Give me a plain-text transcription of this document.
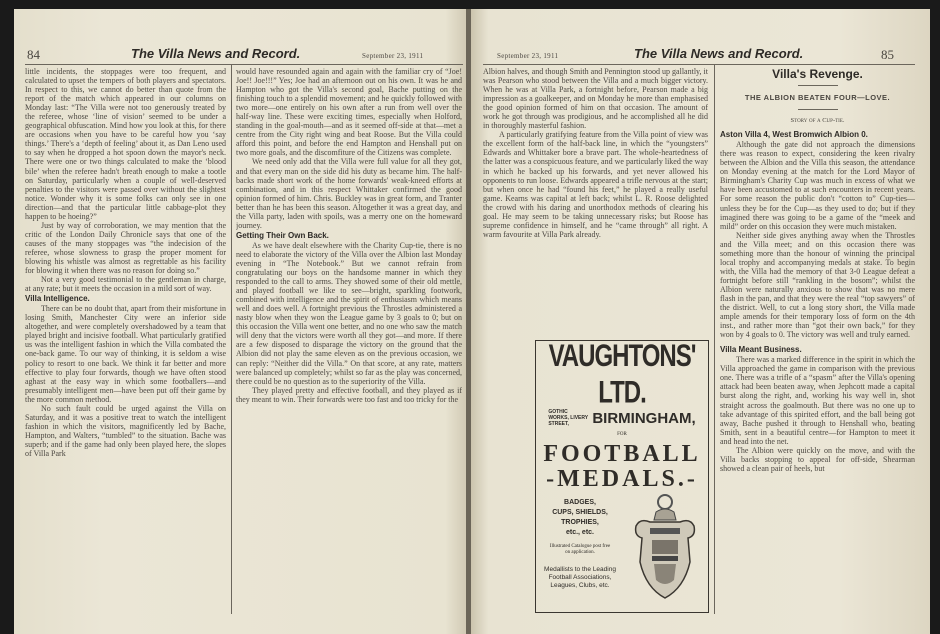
84	The Villa News and Record.	September 23, 1911

little incidents, the stoppages were too frequent, and calculated to upset the tempers of both players and spectators. In respect to this, we cannot do better than quote from the report of the match which appeared in our columns on Monday last: “The Villa were not too generously treated by the referee, whose ‘line of vision’ seemed to be under a geographical obfuscation. Mind how you look at this, for there are occasions when you have to be careful how you ‘say things.’ There's a ‘depth of feeling’ about it, as Dan Leno used to say when he dropped a hot spoon down the mayor's neck. There were one or two things calculated to make the ‘blood bile’ when the referee hadn't breath enough to make a tootle on Saturday, particularly when a couple of well-deserved penalties to the visitors were passed over without the slightest notice. Wonder why it is some folks can only see in one direction—and that the particular little cabbage-plot they happen to be hoeing?”

Just by way of corroboration, we may mention that the critic of the London Daily Chronicle says that one of the causes of the many stoppages was “the indecision of the referee, whose slowness to grasp the proper moment for blowing his whistle was almost as regrettable as his facility for blowing it when there was no reason for doing so.”

Not a very good testimonial to the gentleman in charge, at any rate; but it meets the occasion in a mild sort of way.

Villa Intelligence.

There can be no doubt that, apart from their misfortune in losing Smith, Manchester City were an inferior side altogether, and were completely overshadowed by a team that played bright and incisive football. What particularly gratified us was the intelligent fashion in which the Villa combated the one-back game. To our way of thinking, it is seldom a wise policy to resort to one back. We think it far better and more effective to play four forwards, though we have often stood aghast at the easy way in which some footballers—and presumably intelligent men—have been put off their game by the more common method.

No such fault could be urged against the Villa on Saturday, and it was a positive treat to watch the intelligent fashion in which the visitors, magnificently led by Bache, Hampton, and Walters, “tumbled” to the situation. Bache was superb; and if the game had only been played here, the slopes of Villa Park

would have resounded again and again with the familiar cry of “Joe! Joe!! Joe!!!” Yes; Joe had an afternoon out on his own. It was he and Hampton who got the Villa's second goal, Bache putting on the finishing touch to a splendid movement; and he quickly followed with two more—one entirely on his own after a run from well over the half-way line. These were exciting times, especially when Holford, standing in the goal-mouth—and as it seemed off-side at that—met a centre from the City right wing and beat Roose. But the Villa could afford this point, and before the end Hampton and Henshall put on two more goals, and the discomfiture of the Citizens was complete.

We need only add that the Villa were full value for all they got, and that every man on the side did his duty as became him. The half-backs made short work of the home forwards' weak-kneed efforts at combination, and in this respect Whittaker confirmed the good opinion formed of him. Chris. Buckley was in great form, and Tranter better than he has been this season. Altogether it was a great day, and the Villa party, laden with spoils, was a merry one on the homeward journey.

Getting Their Own Back.

As we have dealt elsewhere with the Charity Cup-tie, there is no need to elaborate the victory of the Villa over the Albion last Monday evening in “The Notebook.” But we cannot refrain from congratulating our boys on the handsome manner in which they responded to the call to arms. They showed some of their old mettle, and played football we like to see—bright, sparkling footwork, combined with intelligence and the spirit of enthusiasm which means well and does well. A fortnight previous the Throstles administered a nasty blow when they won the League game by 3 goals to 0; but on this occasion the Villa went one better, and no one who saw the match will deny that the victors were worth all they got—and more. If there are a few disposed to disparage the victory on the ground that the Albion did not play the same eleven as on the previous occasion, we can reply: “Neither did the Villa.” On that score, at any rate, matters were balanced up completely; whilst so far as the play was concerned, there could be no question as to the superiority of the Villa.

They played pretty and effective football, and they played as if they meant to win. Their forwards were too fast and too tricky for the

September 23, 1911	The Villa News and Record.	85

Albion halves, and though Smith and Pennington stood up gallantly, it was Pearson who stood between the Villa and a much bigger victory. When he was at Villa Park, a fortnight before, Pearson made a big impression as a goalkeeper, and on Monday he more than emphasised the good opinion formed of him on that occasion. The amount of work he got through was prodigious, and he accomplished all he did in thoroughly masterful fashion.

A particularly gratifying feature from the Villa point of view was the excellent form of the half-back line, in which the “youngsters” Edwards and Whittaker bore a brave part. The whole-heartedness of the latter was a conspicuous feature, and we particularly liked the way in which he backed up his forwards, and yet never allowed his opponents to run loose. Edwards appeared a trifle nervous at the start; but when once he had “found his feet,” he played a really useful game. Kearns was capital at left back; whilst L. R. Roose delighted the crowd with his daring and unorthodox methods of clearing his goal. He may seem to be taking unnecessary risks; but Roose has supreme confidence in himself, and he “came through” all right. A warm favourite at Villa Park already.

VAUGHTONS' LTD.
GOTHIC WORKS, LIVERY STREET,	BIRMINGHAM,
FOR
FOOTBALL
-MEDALS.-
BADGES,
CUPS, SHIELDS,
TROPHIES,
etc., etc.
Illustrated Catalogue post free on application.
Medallists to the Leading Football Associations, Leagues, Clubs, etc.
Villa's Revenge.
THE ALBION BEATEN FOUR—LOVE.
Story of a Cup-tie.
Aston Villa 4, West Bromwich Albion 0.

Although the gate did not approach the dimensions there was reason to expect, considering the keen rivalry between the Albion and the Villa this season, the attendance on Monday evening at the match for the Lord Mayor of Birmingham's Charity Cup was much in excess of what we have been accustomed to at such encounters in recent years. For some reason the public don't “cotton to” Cup-ties—unless they be for the Cup—as they used to do; but if they imagined there was going to be a game of the “meek and mild” order on this occasion they were much mistaken.

Neither side gives anything away when the Throstles and the Villa meet; and on this occasion there was something more than the honour of winning the principal local trophy and accompanying medals at stake. To begin with, the Villa had the memory of that 3-0 League defeat a fortnight before still “rankling in the bosom”; whilst the Albion were naturally anxious to show that was no mere flash in the pan, and that they were the real “top sawyers” of the district. Well, to cut a long story short, the Villa made ample amends for their temporary loss of form on the 4th inst., and rather more than “got their own back,” for they won by 4 goals to 0. The victory was well and truly earned.

Villa Meant Business.

There was a marked difference in the spirit in which the Villa approached the game in comparison with the previous one. There was a trifle of a “spasm” after the Villa's opening attack had been beaten away, when Jephcott made a capital burst along the right, and, working his way well in, shot straight across the goalmouth. But there was no one up to take advantage of this spirited effort, and the ball being got away, Bache pushed it through to Henshall who, beating Smith, sent in a beautiful centre—for Hampton to meet it and head into the net.

The Albion were quickly on the move, and with the Villa backs stopping to appeal for off-side, Shearman showed a clean pair of heels, but
